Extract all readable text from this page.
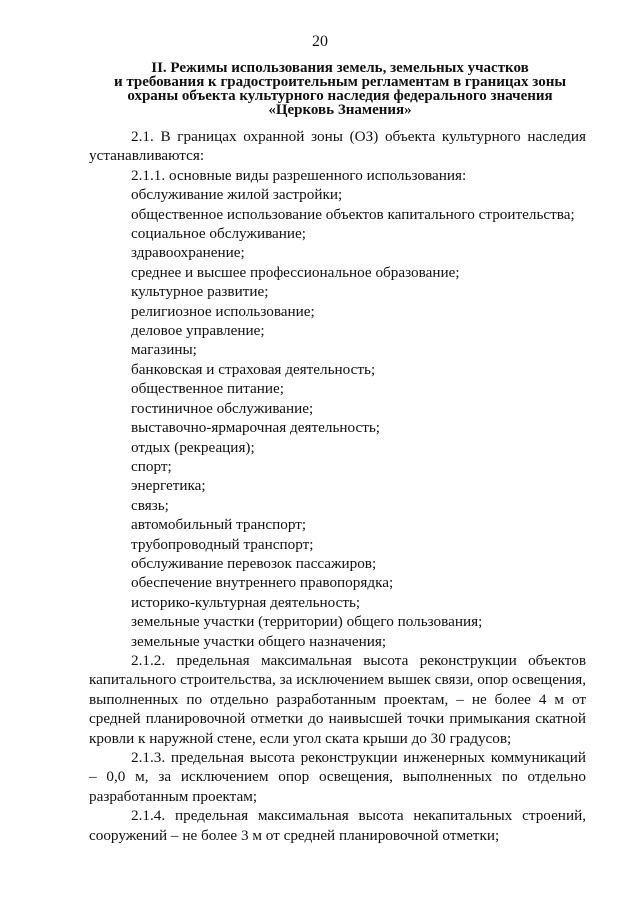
20
II. Режимы использования земель, земельных участков
и требования к градостроительным регламентам в границах зоны
охраны объекта культурного наследия федерального значения
«Церковь Знамения»

2.1. В границах охранной зоны (ОЗ) объекта культурного наследия устанавливаются:

2.1.1. основные виды разрешенного использования:
обслуживание жилой застройки;
общественное использование объектов капитального строительства;
социальное обслуживание;
здравоохранение;
среднее и высшее профессиональное образование;
культурное развитие;
религиозное использование;
деловое управление;
магазины;
банковская и страховая деятельность;
общественное питание;
гостиничное обслуживание;
выставочно-ярмарочная деятельность;
отдых (рекреация);
спорт;
энергетика;
связь;
автомобильный транспорт;
трубопроводный транспорт;
обслуживание перевозок пассажиров;
обеспечение внутреннего правопорядка;
историко-культурная деятельность;
земельные участки (территории) общего пользования;
земельные участки общего назначения;

2.1.2. предельная максимальная высота реконструкции объектов капитального строительства, за исключением вышек связи, опор освещения, выполненных по отдельно разработанным проектам, – не более 4 м от средней планировочной отметки до наивысшей точки примыкания скатной кровли к наружной стене, если угол ската крыши до 30 градусов;

2.1.3. предельная высота реконструкции инженерных коммуникаций – 0,0 м, за исключением опор освещения, выполненных по отдельно разработанным проектам;

2.1.4. предельная максимальная высота некапитальных строений, сооружений – не более 3 м от средней планировочной отметки;
